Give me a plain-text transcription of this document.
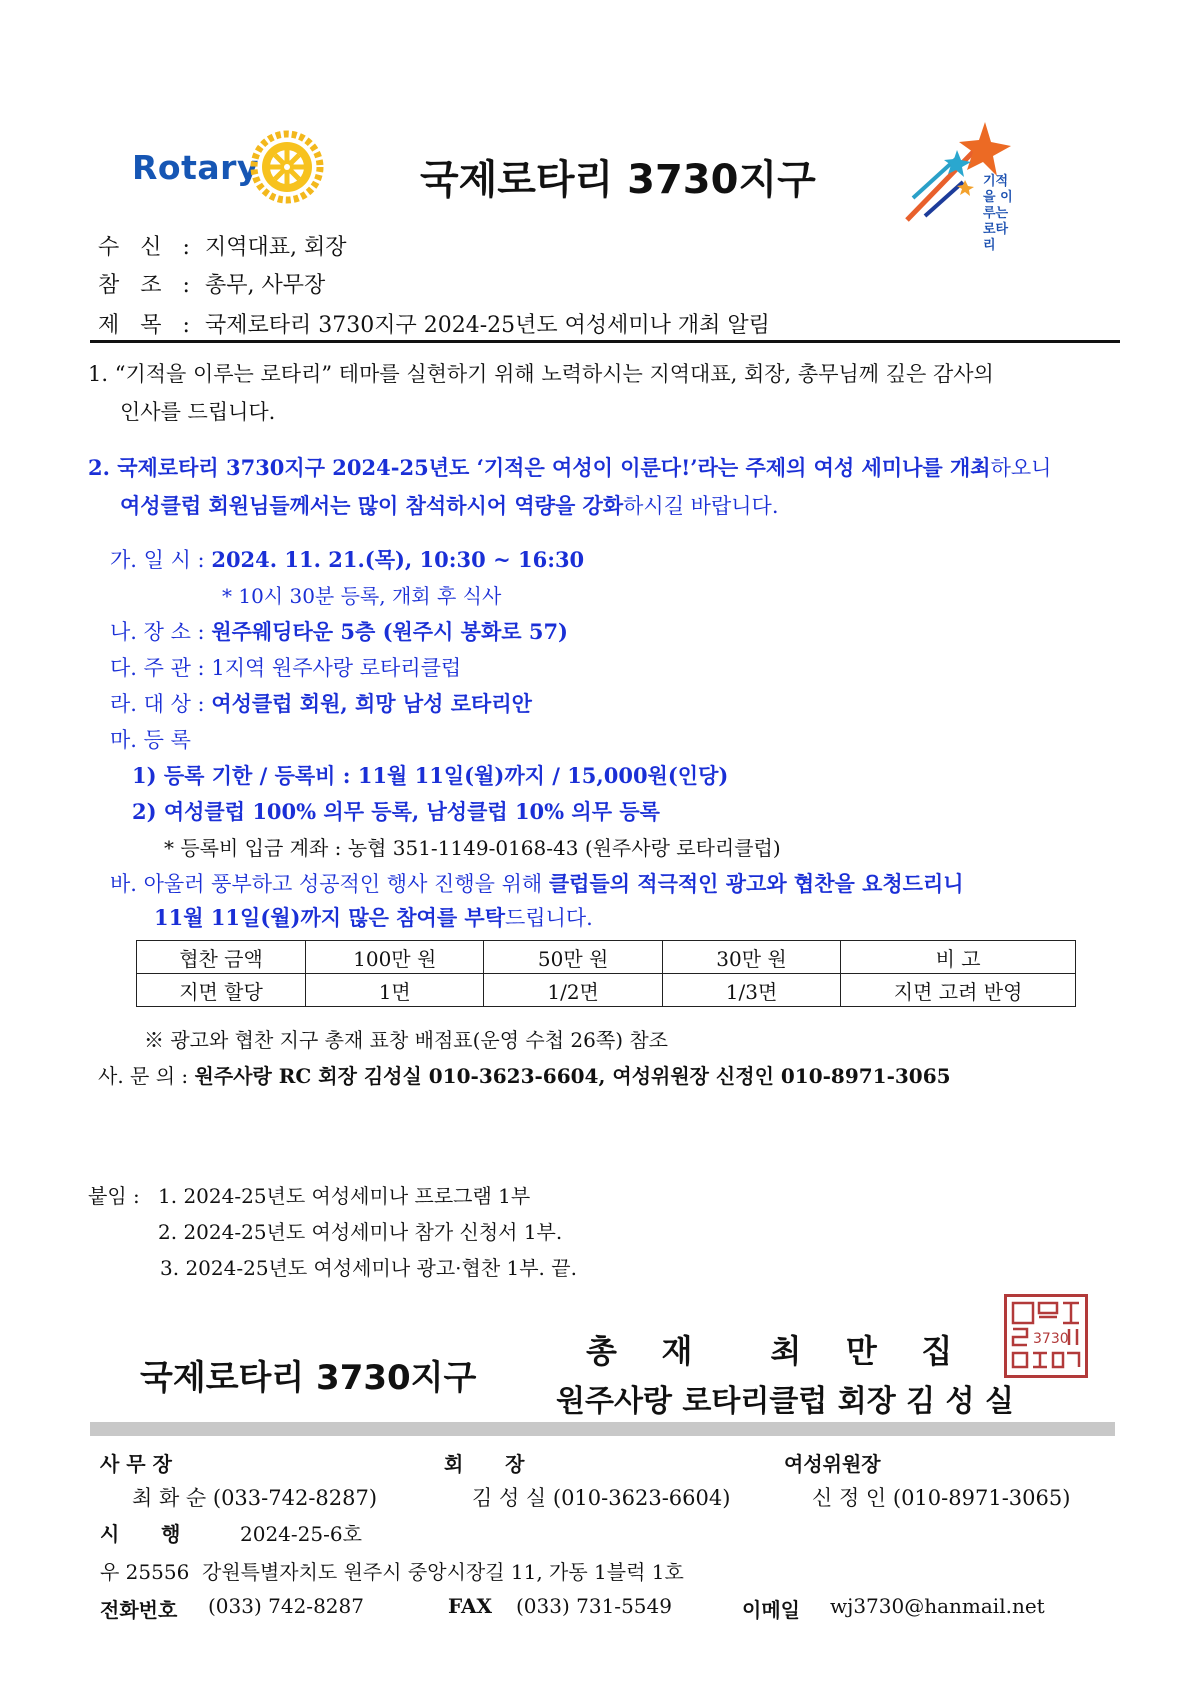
Rotary	국제로타리 3730지구	기적을 이루는
로타리
수 신 : 지역대표, 회장
참 조 : 총무, 사무장
제 목 : 국제로타리 3730지구 2024-25년도 여성세미나 개최 알림
1. “기적을 이루는 로타리” 테마를 실현하기 위해 노력하시는 지역대표, 회장, 총무님께 깊은 감사의
인사를 드립니다.
2. 국제로타리 3730지구 2024-25년도 ‘기적은 여성이 이룬다!’라는 주제의 여성 세미나를 개최하오니
여성클럽 회원님들께서는 많이 참석하시어 역량을 강화하시길 바랍니다.
가. 일 시 : 2024. 11. 21.(목), 10:30 ~ 16:30
* 10시 30분 등록, 개회 후 식사
나. 장 소 : 원주웨딩타운 5층 (원주시 봉화로 57)
다. 주 관 : 1지역 원주사랑 로타리클럽
라. 대 상 : 여성클럽 회원, 희망 남성 로타리안
마. 등 록
1) 등록 기한 / 등록비 : 11월 11일(월)까지 / 15,000원(인당)
2) 여성클럽 100% 의무 등록, 남성클럽 10% 의무 등록
* 등록비 입금 계좌 : 농협 351-1149-0168-43 (원주사랑 로타리클럽)
바. 아울러 풍부하고 성공적인 행사 진행을 위해 클럽들의 적극적인 광고와 협찬을 요청드리니
11월 11일(월)까지 많은 참여를 부탁드립니다.
협찬 금액	100만 원	50만 원	30만 원	비 고
지면 할당	1면	1/2면	1/3면	지면 고려 반영
※ 광고와 협찬 지구 총재 표창 배점표(운영 수첩 26쪽) 참조
사. 문 의 : 원주사랑 RC 회장 김성실 010-3623-6604, 여성위원장 신정인 010-8971-3065
붙임 : 1. 2024-25년도 여성세미나 프로그램 1부
2. 2024-25년도 여성세미나 참가 신청서 1부.
3. 2024-25년도 여성세미나 광고·협찬 1부. 끝.
국제로타리 3730지구
총    재       최    만    집
원주사랑 로타리클럽 회장 김 성 실
3730
사 무 장	회      장	여성위원장
최 화 순 (033-742-8287)	김 성 실 (010-3623-6604)	신 정 인 (010-8971-3065)
시      행	2024-25-6호
우 25556  강원특별자치도 원주시 중앙시장길 11, 가동 1블럭 1호
전화번호 (033) 742-8287	FAX (033) 731-5549	이메일 wj3730@hanmail.net
